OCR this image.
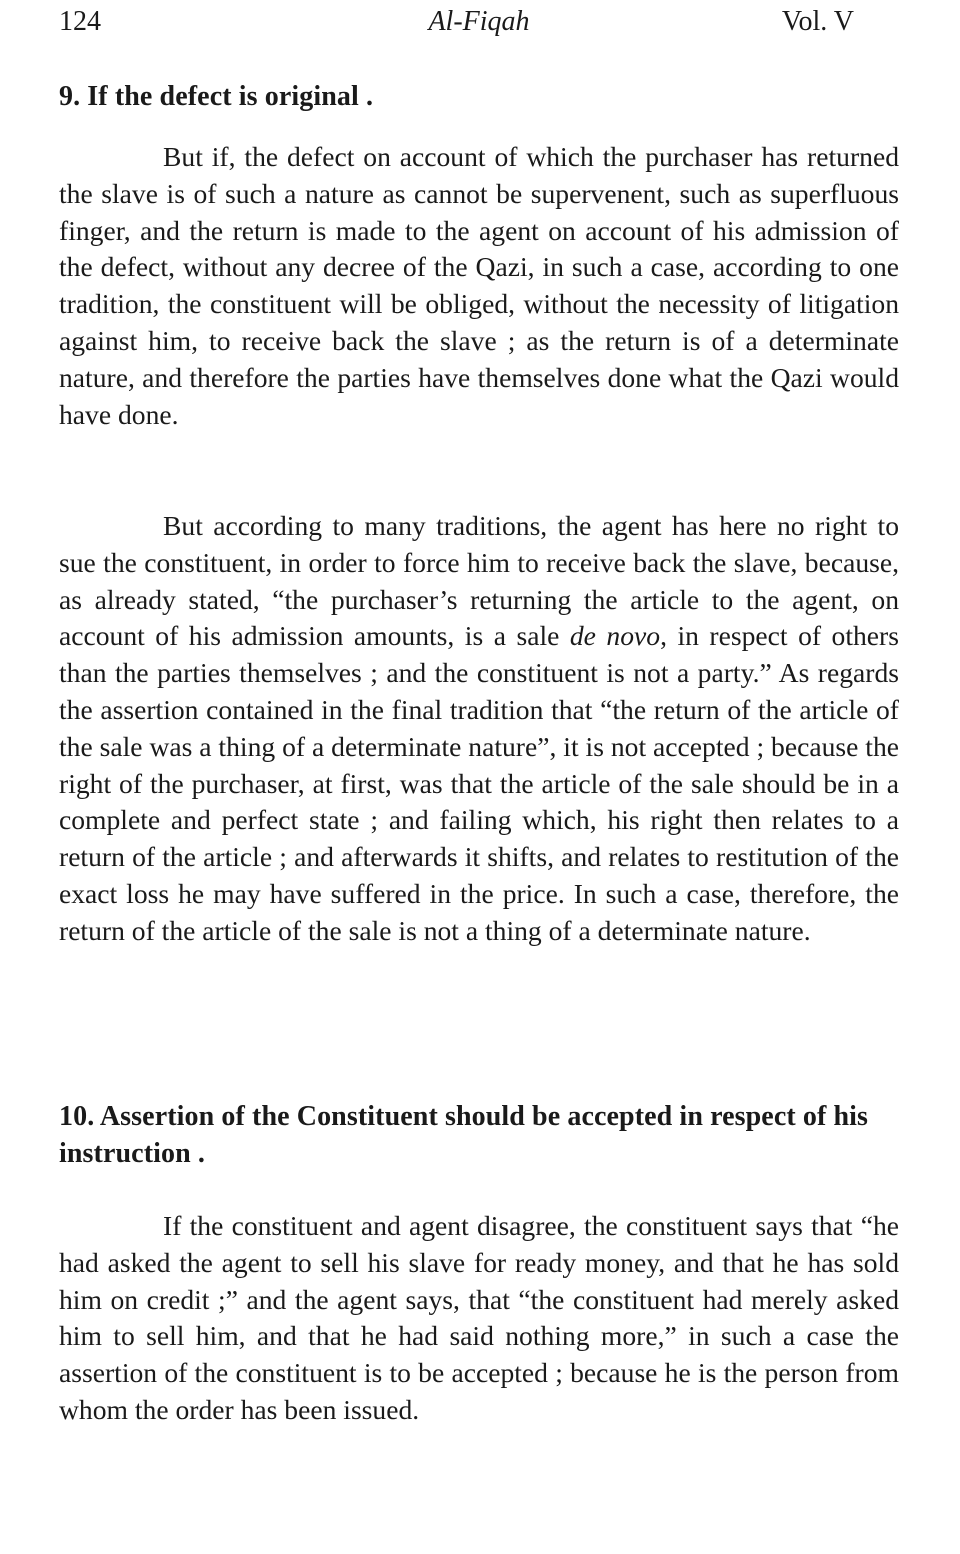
124	Al-Fiqah	Vol. V
9. If the defect is original .

But if, the defect on account of which the purchaser has returned the slave is of such a nature as cannot be supervenent, such as superfluous finger, and the return is made to the agent on account of his admission of the defect, without any decree of the Qazi, in such a case, according to one tradition, the constituent will be obliged, without the necessity of litigation against him, to receive back the slave ; as the return is of a determinate nature, and therefore the parties have themselves done what the Qazi would have done.

But according to many traditions, the agent has here no right to sue the constituent, in order to force him to receive back the slave, because, as already stated, “the purchaser’s returning the article to the agent, on account of his admission amounts, is a sale de novo, in respect of others than the parties themselves ; and the constituent is not a party.” As regards the assertion contained in the final tradition that “the return of the article of the sale was a thing of a determinate nature”, it is not accepted ; because the right of the purchaser, at first, was that the article of the sale should be in a complete and perfect state ; and failing which, his right then relates to a return of the article ; and afterwards it shifts, and relates to restitution of the exact loss he may have suffered in the price. In such a case, therefore, the return of the article of the sale is not a thing of a determinate nature.

10. Assertion of the Constituent should be accepted in respect of his instruction .

If the constituent and agent disagree, the constituent says that “he had asked the agent to sell his slave for ready money, and that he has sold him on credit ;” and the agent says, that “the constituent had merely asked him to sell him, and that he had said nothing more,” in such a case the assertion of the constituent is to be accepted ; because he is the person from whom the order has been issued.
